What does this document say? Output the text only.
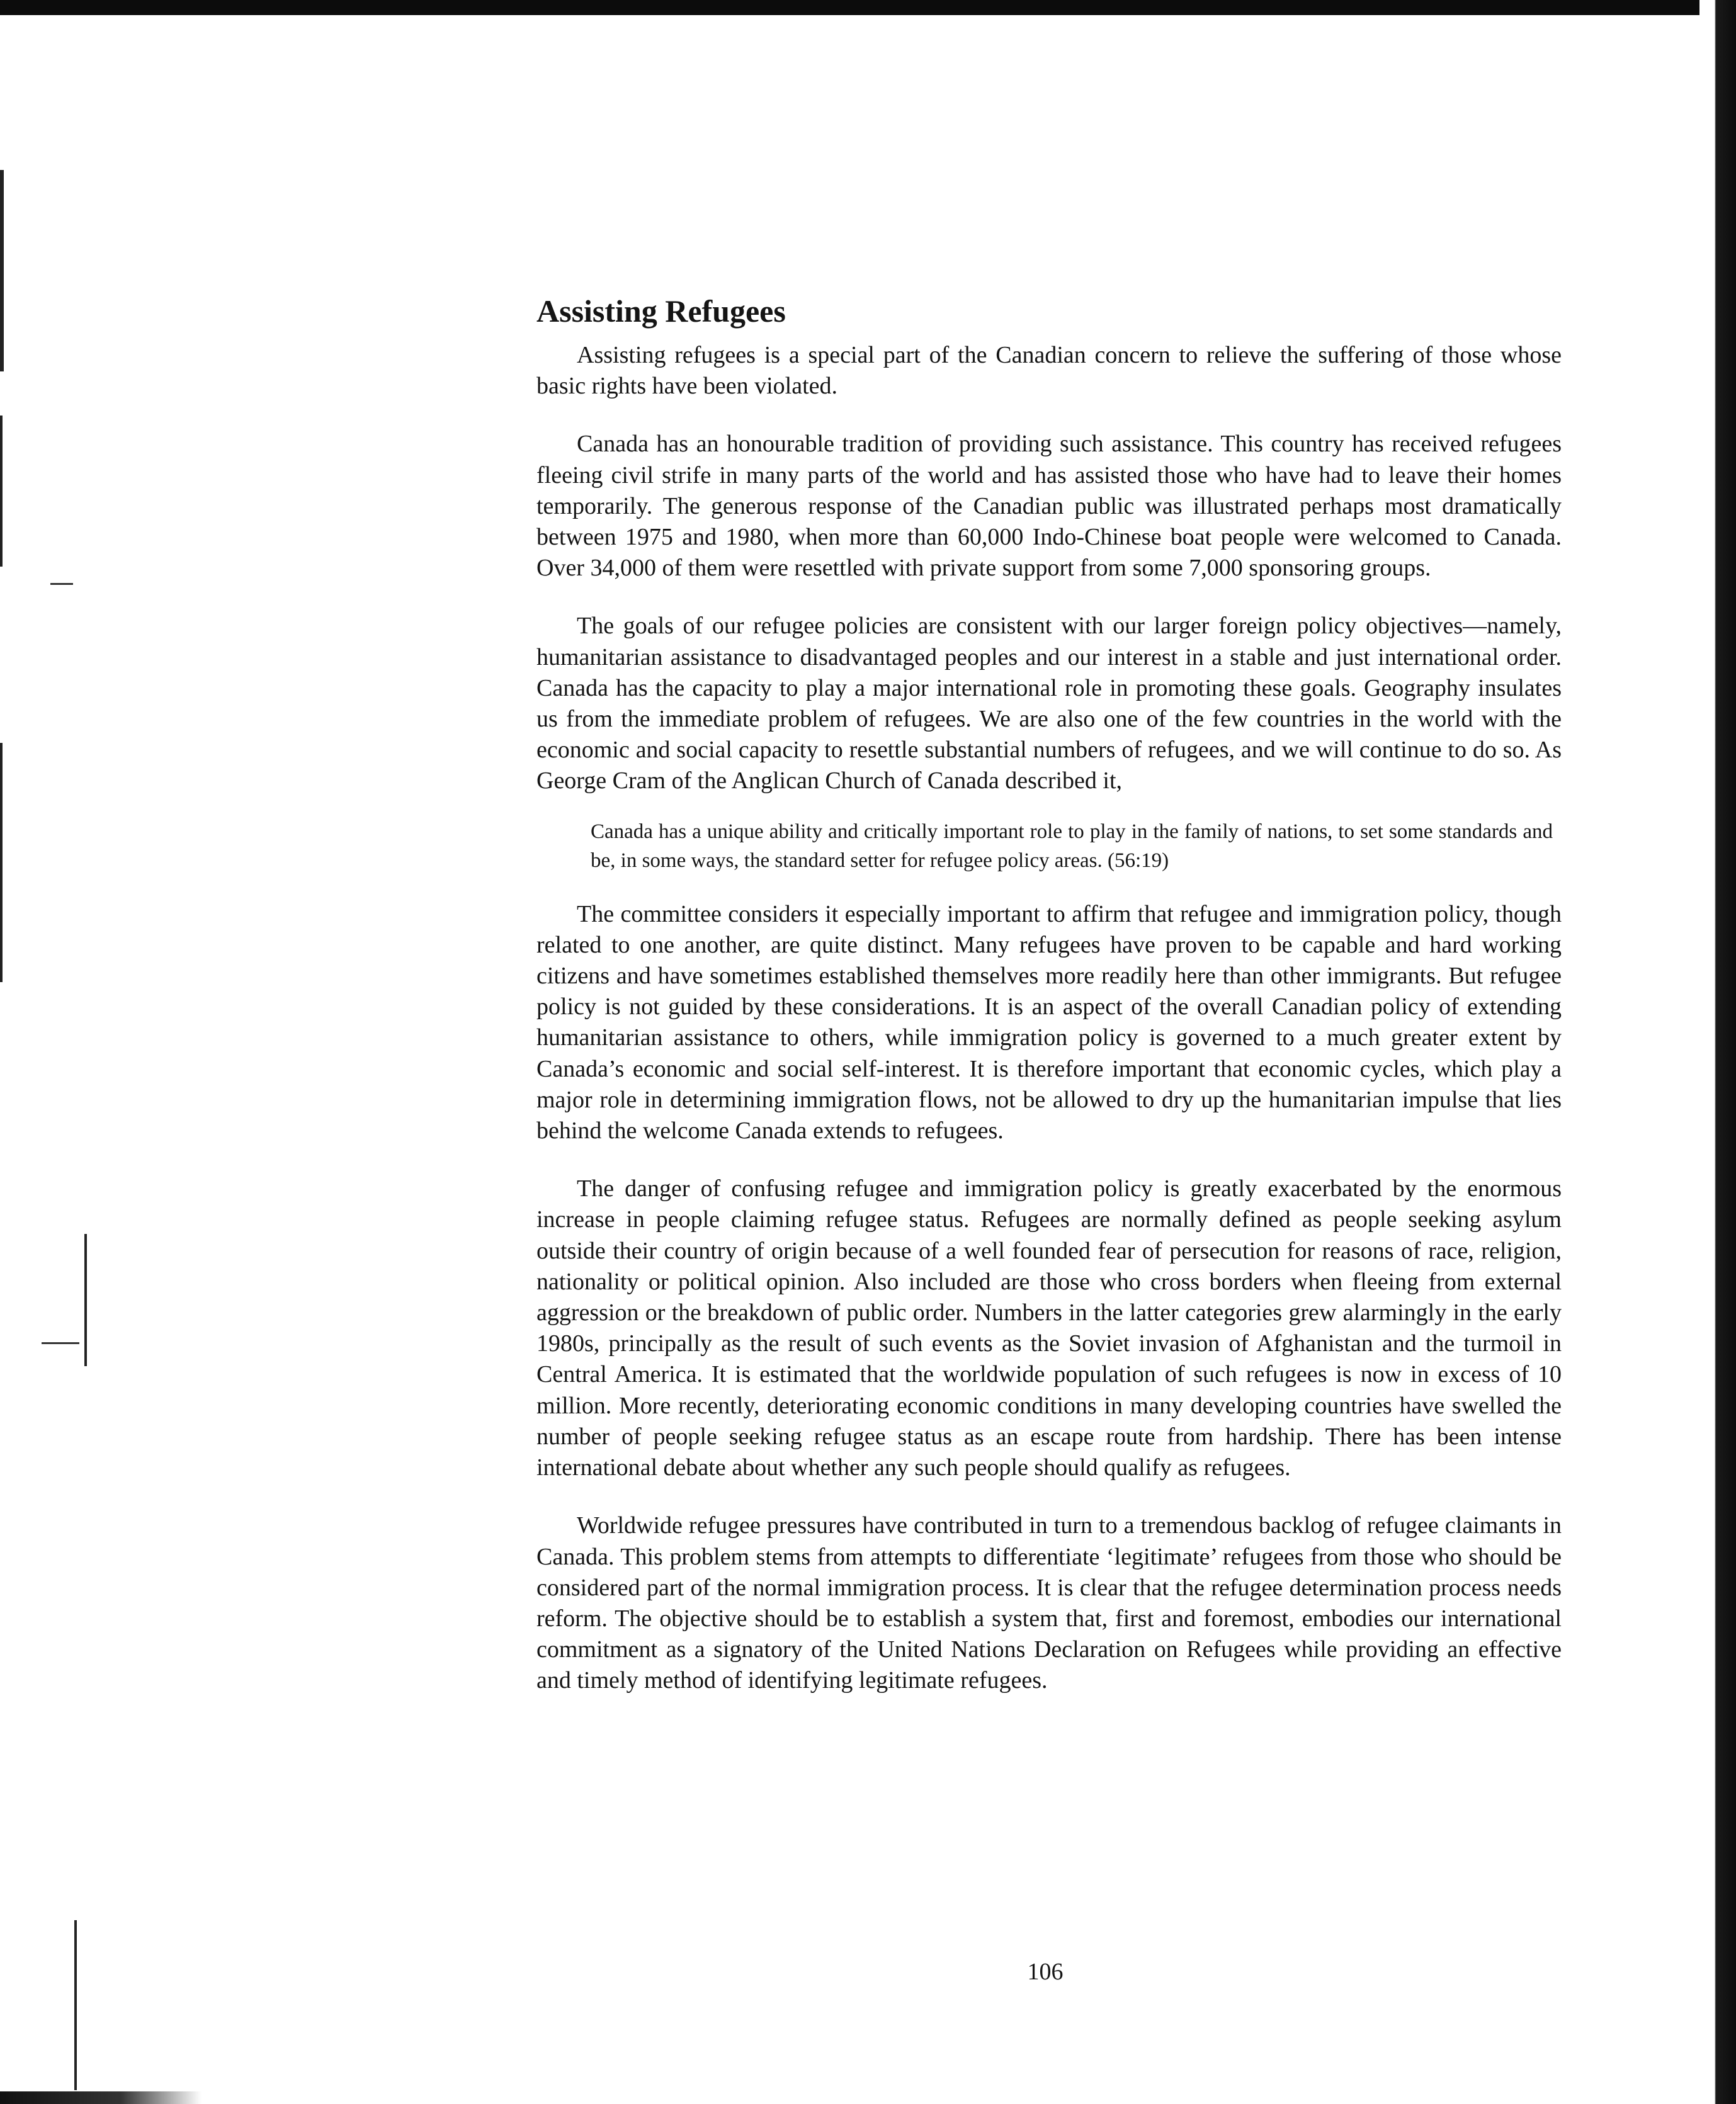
Assisting Refugees

Assisting refugees is a special part of the Canadian concern to relieve the suffering of those whose basic rights have been violated.

Canada has an honourable tradition of providing such assistance. This country has received refugees fleeing civil strife in many parts of the world and has assisted those who have had to leave their homes temporarily. The generous response of the Canadian public was illustrated perhaps most dramatically between 1975 and 1980, when more than 60,000 Indo-Chinese boat people were welcomed to Canada. Over 34,000 of them were resettled with private support from some 7,000 sponsoring groups.

The goals of our refugee policies are consistent with our larger foreign policy objectives—namely, humanitarian assistance to disadvantaged peoples and our interest in a stable and just international order. Canada has the capacity to play a major international role in promoting these goals. Geography insulates us from the immediate problem of refugees. We are also one of the few countries in the world with the economic and social capacity to resettle substantial numbers of refugees, and we will continue to do so. As George Cram of the Anglican Church of Canada described it,

Canada has a unique ability and critically important role to play in the family of nations, to set some standards and be, in some ways, the standard setter for refugee policy areas. (56:19)

The committee considers it especially important to affirm that refugee and immigration policy, though related to one another, are quite distinct. Many refugees have proven to be capable and hard working citizens and have sometimes established themselves more readily here than other immigrants. But refugee policy is not guided by these considerations. It is an aspect of the overall Canadian policy of extending humanitarian assistance to others, while immigration policy is governed to a much greater extent by Canada’s economic and social self-interest. It is therefore important that economic cycles, which play a major role in determining immigration flows, not be allowed to dry up the humanitarian impulse that lies behind the welcome Canada extends to refugees.

The danger of confusing refugee and immigration policy is greatly exacerbated by the enormous increase in people claiming refugee status. Refugees are normally defined as people seeking asylum outside their country of origin because of a well founded fear of persecution for reasons of race, religion, nationality or political opinion. Also included are those who cross borders when fleeing from external aggression or the breakdown of public order. Numbers in the latter categories grew alarmingly in the early 1980s, principally as the result of such events as the Soviet invasion of Afghanistan and the turmoil in Central America. It is estimated that the worldwide population of such refugees is now in excess of 10 million. More recently, deteriorating economic conditions in many developing countries have swelled the number of people seeking refugee status as an escape route from hardship. There has been intense international debate about whether any such people should qualify as refugees.

Worldwide refugee pressures have contributed in turn to a tremendous backlog of refugee claimants in Canada. This problem stems from attempts to differentiate ‘legitimate’ refugees from those who should be considered part of the normal immigration process. It is clear that the refugee determination process needs reform. The objective should be to establish a system that, first and foremost, embodies our international commitment as a signatory of the United Nations Declaration on Refugees while providing an effective and timely method of identifying legitimate refugees.

106
